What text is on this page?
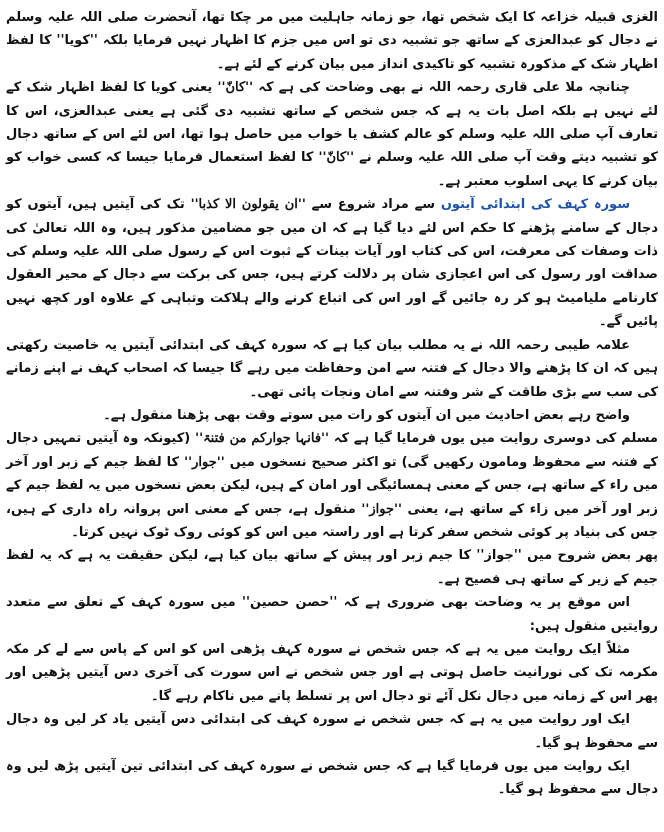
الغزی قبیلہ خزاعہ کا ایک شخص تھا، جو زمانہ جاہلیت میں مر چکا تھا، آنحضرت صلی اللہ علیہ وسلم نے دجال کو عبدالعزی کے ساتھ جو تشبیہ دی تو اس میں جزم کا اظہار نہیں فرمایا بلکہ ''کویا'' کا لفظ اظہار شک کے مذکورہ تشبیہ کو تاکیدی انداز میں بیان کرنے کے لئے ہے۔

چنانچہ ملا علی قاری رحمہ اللہ نے بھی وضاحت کی ہے کہ ''کانّ'' یعنی کویا کا لفظ اظہار شک کے لئے نہیں ہے بلکہ اصل بات یہ ہے کہ جس شخص کے ساتھ تشبیہ دی گئی ہے یعنی عبدالعزی، اس کا تعارف آپ صلی اللہ علیہ وسلم کو عالم کشف یا خواب میں حاصل ہوا تھا، اس لئے اس کے ساتھ دجال کو تشبیہ دیتے وقت آپ صلی اللہ علیہ وسلم نے ''کانّ'' کا لفظ استعمال فرمایا جیسا کہ کسی خواب کو بیان کرنے کا یہی اسلوب معتبر ہے۔

سورہ کہف کی ابتدائی آیتوں سے مراد شروع سے ''ان یقولون الا کذبا'' تک کی آیتیں ہیں، آیتوں کو دجال کے سامنے پڑھنے کا حکم اس لئے دیا گیا ہے کہ ان میں جو مضامین مذکور ہیں، وہ اللہ تعالیٰ کی ذات وصفات کی معرفت، اس کی کتاب اور آیات بینات کے ثبوت اس کے رسول صلی اللہ علیہ وسلم کی صداقت اور رسول کی اس اعجازی شان پر دلالت کرتے ہیں، جس کی برکت سے دجال کے محیر العقول کارنامے ملیامیٹ ہو کر رہ جائیں گے اور اس کی اتباع کرنے والے ہلاکت وتباہی کے علاوہ اور کچھ نہیں پائیں گے۔

علامہ طیبی رحمہ اللہ نے یہ مطلب بیان کیا ہے کہ سورہ کہف کی ابتدائی آیتیں یہ خاصیت رکھتی ہیں کہ ان کا پڑھنے والا دجال کے فتنہ سے امن وحفاظت میں رہے گا جیسا کہ اصحاب کہف نے اپنے زمانے کی سب سے بڑی طاقت کے شر وفتنہ سے امان ونجات پائی تھی۔

واضح رہے بعض احادیث میں ان آیتوں کو رات میں سوتے وقت بھی پڑھنا منقول ہے۔

مسلم کی دوسری روایت میں یوں فرمایا گیا ہے کہ ''فانہا جوارکم من فتنۃ'' (کیونکہ وہ آیتیں تمہیں دجال کے فتنہ سے محفوظ ومامون رکھیں گی) تو اکثر صحیح نسخوں میں ''جوار'' کا لفظ جیم کے زبر اور آخر میں راء کے ساتھ ہے، جس کے معنی ہمسائیگی اور امان کے ہیں، لیکن بعض نسخوں میں یہ لفظ جیم کے زبر اور آخر میں زاء کے ساتھ ہے، یعنی ''جواز'' منقول ہے، جس کے معنی اس پروانہ راہ داری کے ہیں، جس کی بنیاد پر کوئی شخص سفر کرتا ہے اور راستہ میں اس کو کوئی روک ٹوک نہیں کرتا۔

پھر بعض شروح میں ''جواز'' کا جیم زبر اور پیش کے ساتھ بیان کیا ہے، لیکن حقیقت یہ ہے کہ یہ لفظ جیم کے زیر کے ساتھ ہی فصیح ہے۔

اس موقع پر یہ وضاحت بھی ضروری ہے کہ ''حصن حصین'' میں سورہ کہف کے تعلق سے متعدد روایتیں منقول ہیں:

مثلاً ایک روایت میں یہ ہے کہ جس شخص نے سورہ کہف پڑھی اس کو اس کے پاس سے لے کر مکہ مکرمہ تک کی نورانیت حاصل ہوتی ہے اور جس شخص نے اس سورت کی آخری دس آیتیں پڑھیں اور پھر اس کے زمانہ میں دجال نکل آئے تو دجال اس پر تسلط پانے میں ناکام رہے گا۔

ایک اور روایت میں یہ ہے کہ جس شخص نے سورہ کہف کی ابتدائی دس آیتیں یاد کر لیں وہ دجال سے محفوظ ہو گیا۔

ایک روایت میں یوں فرمایا گیا ہے کہ جس شخص نے سورہ کہف کی ابتدائی تین آیتیں پڑھ لیں وہ دجال سے محفوظ ہو گیا۔
